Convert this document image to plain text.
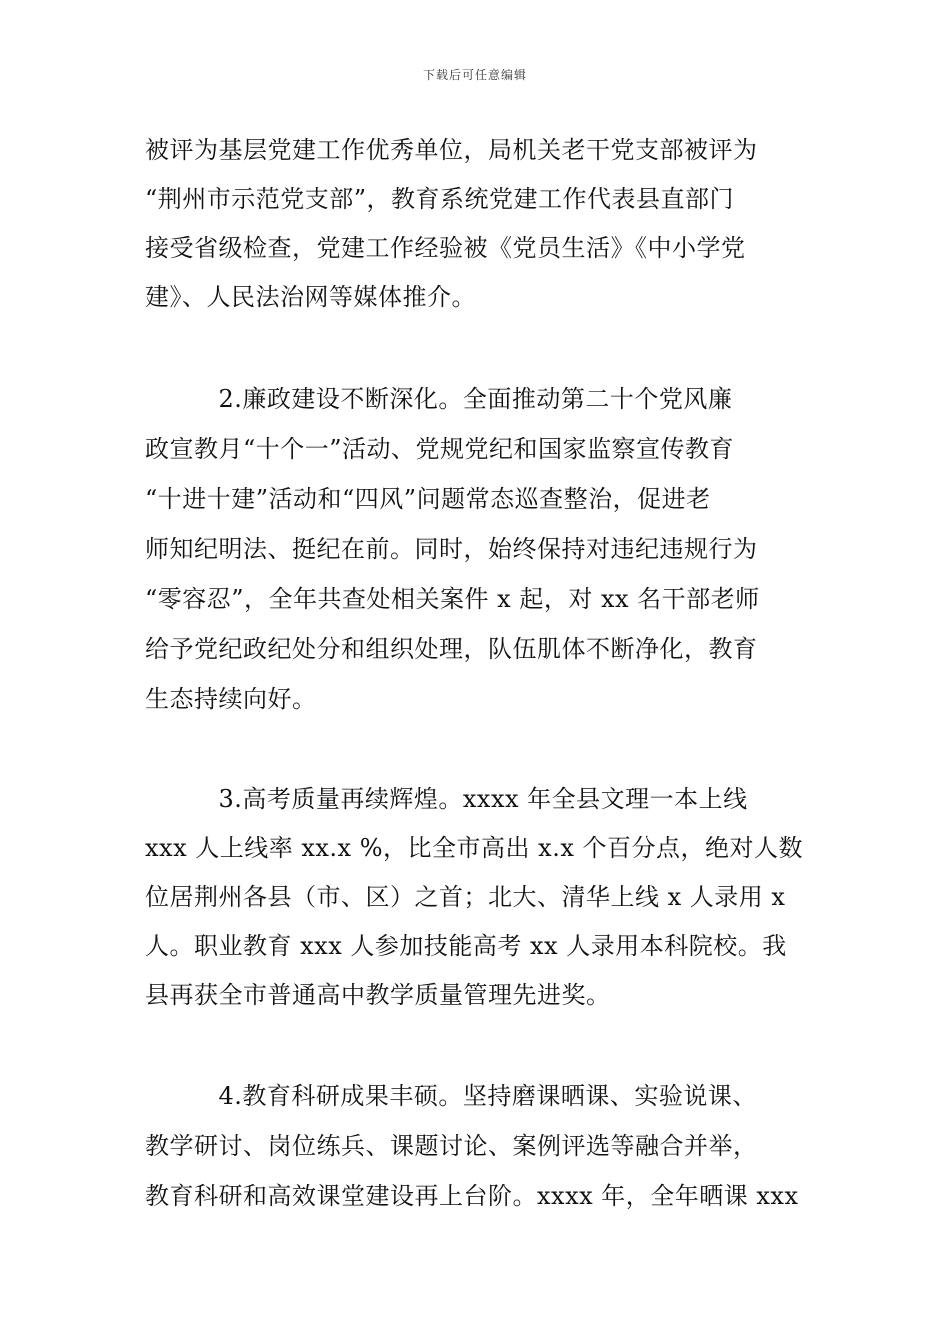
下载后可任意编辑
被评为基层党建工作优秀单位，局机关老干党支部被评为
“荆州市示范党支部”，教育系统党建工作代表县直部门
接受省级检查，党建工作经验被《党员生活》《中小学党
建》、人民法治网等媒体推介。
　　　2.廉政建设不断深化。全面推动第二十个党风廉
政宣教月“十个一”活动、党规党纪和国家监察宣传教育
“十进十建”活动和“四风”问题常态巡查整治，促进老
师知纪明法、挺纪在前。同时，始终保持对违纪违规行为
“零容忍”，全年共查处相关案件 x 起，对 xx 名干部老师
给予党纪政纪处分和组织处理，队伍肌体不断净化，教育
生态持续向好。
　　　3.高考质量再续辉煌。xxxx 年全县文理一本上线
xxx 人上线率 xx.x %，比全市高出 x.x 个百分点，绝对人数
位居荆州各县（市、区）之首；北大、清华上线 x 人录用 x
人。职业教育 xxx 人参加技能高考 xx 人录用本科院校。我
县再获全市普通高中教学质量管理先进奖。
　　　4.教育科研成果丰硕。坚持磨课晒课、实验说课、
教学研讨、岗位练兵、课题讨论、案例评选等融合并举，
教育科研和高效课堂建设再上台阶。xxxx 年，全年晒课 xxx
